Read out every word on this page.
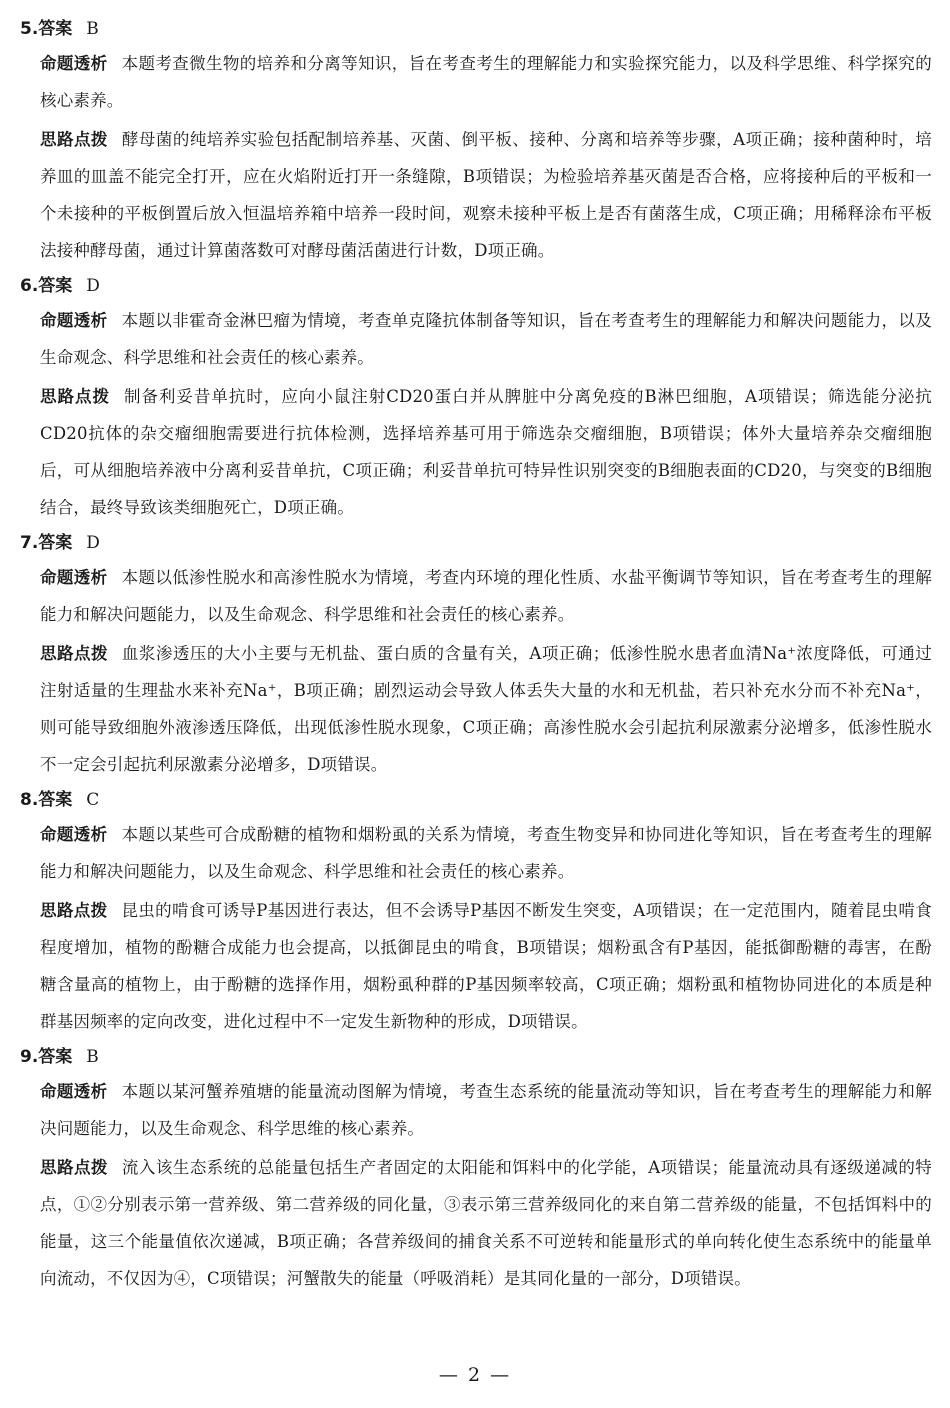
5.答案 B

命题透析 本题考查微生物的培养和分离等知识，旨在考查考生的理解能力和实验探究能力，以及科学思维、科学探究的核心素养。

思路点拨 酵母菌的纯培养实验包括配制培养基、灭菌、倒平板、接种、分离和培养等步骤，A项正确；接种菌种时，培养皿的皿盖不能完全打开，应在火焰附近打开一条缝隙，B项错误；为检验培养基灭菌是否合格，应将接种后的平板和一个未接种的平板倒置后放入恒温培养箱中培养一段时间，观察未接种平板上是否有菌落生成，C项正确；用稀释涂布平板法接种酵母菌，通过计算菌落数可对酵母菌活菌进行计数，D项正确。

6.答案 D

命题透析 本题以非霍奇金淋巴瘤为情境，考查单克隆抗体制备等知识，旨在考查考生的理解能力和解决问题能力，以及生命观念、科学思维和社会责任的核心素养。

思路点拨 制备利妥昔单抗时，应向小鼠注射CD20蛋白并从脾脏中分离免疫的B淋巴细胞，A项错误；筛选能分泌抗CD20抗体的杂交瘤细胞需要进行抗体检测，选择培养基可用于筛选杂交瘤细胞，B项错误；体外大量培养杂交瘤细胞后，可从细胞培养液中分离利妥昔单抗，C项正确；利妥昔单抗可特异性识别突变的B细胞表面的CD20，与突变的B细胞结合，最终导致该类细胞死亡，D项正确。

7.答案 D

命题透析 本题以低渗性脱水和高渗性脱水为情境，考查内环境的理化性质、水盐平衡调节等知识，旨在考查考生的理解能力和解决问题能力，以及生命观念、科学思维和社会责任的核心素养。

思路点拨 血浆渗透压的大小主要与无机盐、蛋白质的含量有关，A项正确；低渗性脱水患者血清Na⁺浓度降低，可通过注射适量的生理盐水来补充Na⁺，B项正确；剧烈运动会导致人体丢失大量的水和无机盐，若只补充水分而不补充Na⁺，则可能导致细胞外液渗透压降低，出现低渗性脱水现象，C项正确；高渗性脱水会引起抗利尿激素分泌增多，低渗性脱水不一定会引起抗利尿激素分泌增多，D项错误。

8.答案 C

命题透析 本题以某些可合成酚糖的植物和烟粉虱的关系为情境，考查生物变异和协同进化等知识，旨在考查考生的理解能力和解决问题能力，以及生命观念、科学思维和社会责任的核心素养。

思路点拨 昆虫的啃食可诱导P基因进行表达，但不会诱导P基因不断发生突变，A项错误；在一定范围内，随着昆虫啃食程度增加，植物的酚糖合成能力也会提高，以抵御昆虫的啃食，B项错误；烟粉虱含有P基因，能抵御酚糖的毒害，在酚糖含量高的植物上，由于酚糖的选择作用，烟粉虱种群的P基因频率较高，C项正确；烟粉虱和植物协同进化的本质是种群基因频率的定向改变，进化过程中不一定发生新物种的形成，D项错误。

9.答案 B

命题透析 本题以某河蟹养殖塘的能量流动图解为情境，考查生态系统的能量流动等知识，旨在考查考生的理解能力和解决问题能力，以及生命观念、科学思维的核心素养。

思路点拨 流入该生态系统的总能量包括生产者固定的太阳能和饵料中的化学能，A项错误；能量流动具有逐级递减的特点，①②分别表示第一营养级、第二营养级的同化量，③表示第三营养级同化的来自第二营养级的能量，不包括饵料中的能量，这三个能量值依次递减，B项正确；各营养级间的捕食关系不可逆转和能量形式的单向转化使生态系统中的能量单向流动，不仅因为④，C项错误；河蟹散失的能量（呼吸消耗）是其同化量的一部分，D项错误。

— 2 —
